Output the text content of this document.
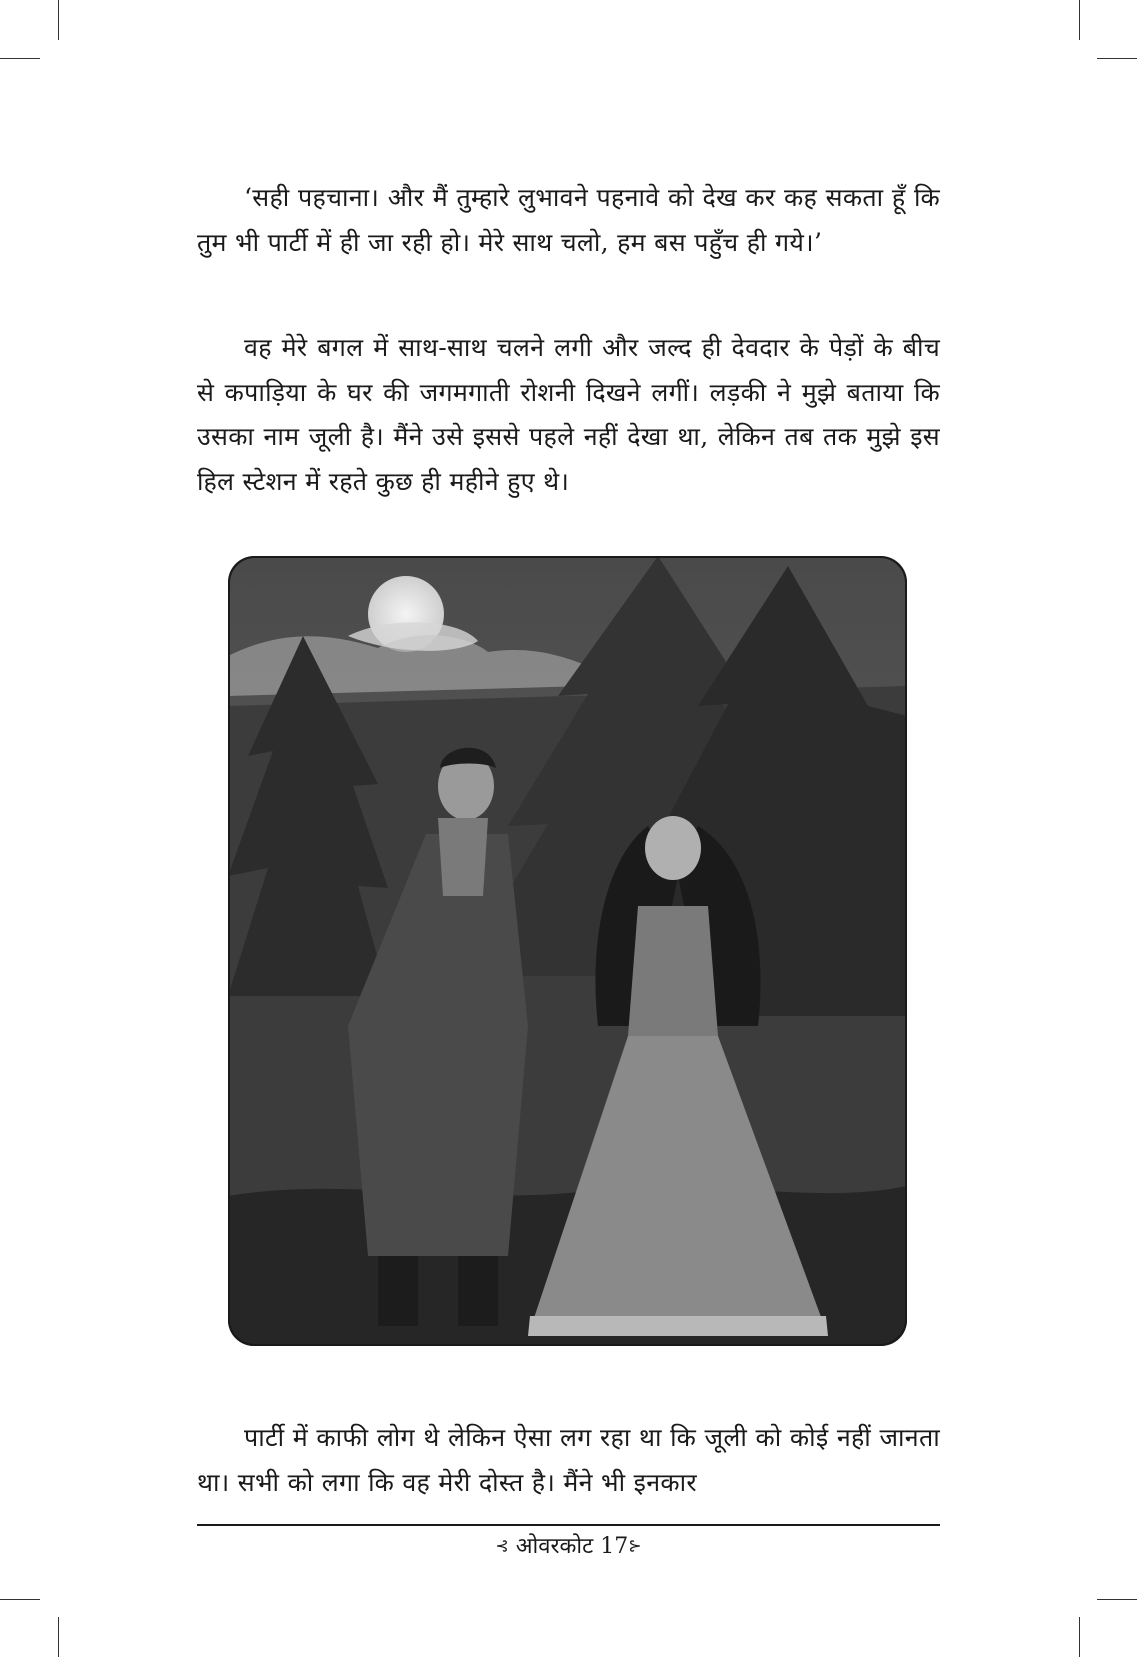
‘सही पहचाना। और मैं तुम्हारे लुभावने पहनावे को देख कर कह सकता हूँ कि तुम भी पार्टी में ही जा रही हो। मेरे साथ चलो, हम बस पहुँच ही गये।’

वह मेरे बगल में साथ-साथ चलने लगी और जल्द ही देवदार के पेड़ों के बीच से कपाड़िया के घर की जगमगाती रोशनी दिखने लगीं। लड़की ने मुझे बताया कि उसका नाम जूली है। मैंने उसे इससे पहले नहीं देखा था, लेकिन तब तक मुझे इस हिल स्टेशन में रहते कुछ ही महीने हुए थे।

पार्टी में काफी लोग थे लेकिन ऐसा लग रहा था कि जूली को कोई नहीं जानता था। सभी को लगा कि वह मेरी दोस्त है। मैंने भी इनकार

⊰ ओवरकोट 17⊱
